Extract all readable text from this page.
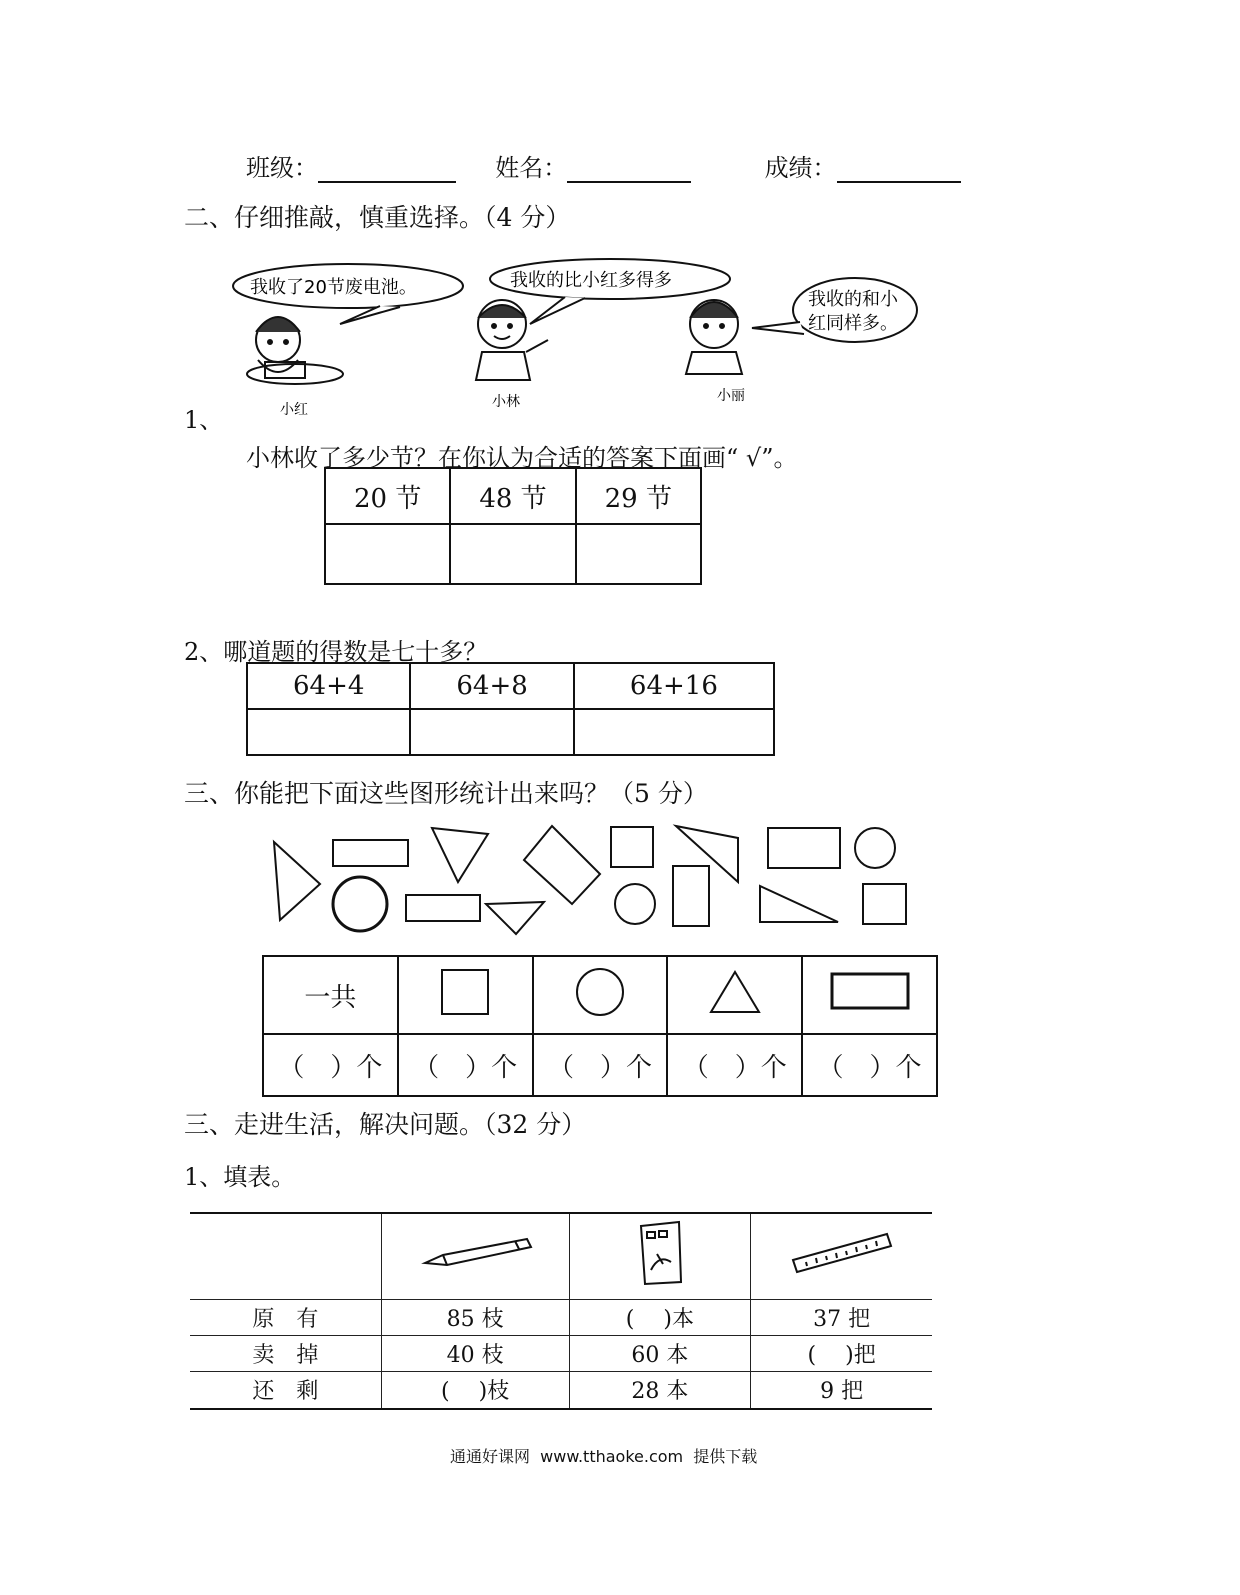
班级：	姓名：	成绩：
二、仔细推敲，慎重选择。（4 分）
我收了20节废电池。	我收的比小红多得多
我收的和小
红同样多。
小红	小林	小丽
1、
小林收了多少节？在你认为合适的答案下面画“ √”。
20 节	48 节	29 节

2、哪道题的得数是七十多？
64+4	64+8	64+16

三、你能把下面这些图形统计出来吗？（5 分）
一共				
（　）个	（　）个	（　）个	（　）个	（　）个
三、走进生活，解决问题。（32 分）
1、填表。

原　有	85 枝	(　 )本	37 把
卖　掉	40 枝	60 本	(　 )把
还　剩	(　 )枝	28 本	9 把
通通好课网  www.tthaoke.com  提供下载
